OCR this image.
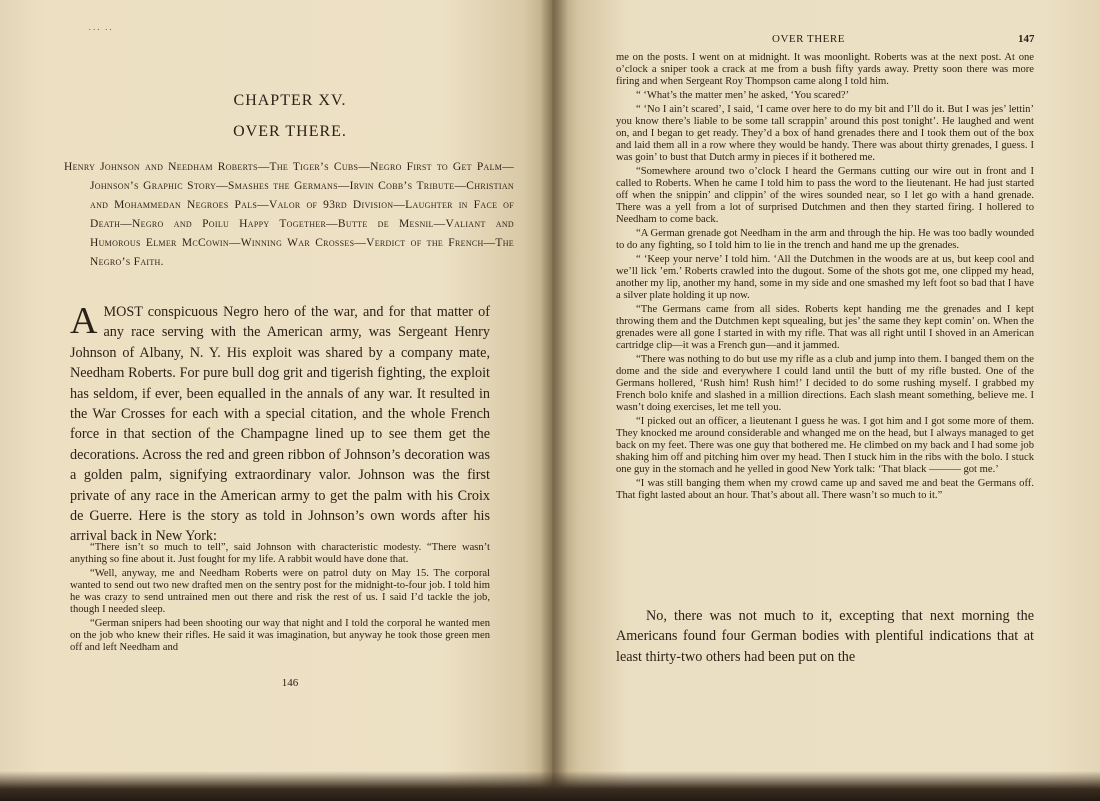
˙˙˙ ˙˙
CHAPTER XV.
OVER THERE.
Henry Johnson and Needham Roberts—The Tiger’s Cubs—Negro First to Get Palm—Johnson’s Graphic Story—Smashes the Germans—Irvin Cobb’s Tribute—Christian and Mohammedan Negroes Pals—Valor of 93rd Division—Laughter in Face of Death—Negro and Poilu Happy Together—Butte de Mesnil—Valiant and Humorous Elmer McCowin—Winning War Crosses—Verdict of the French—The Negro’s Faith.
A MOST conspicuous Negro hero of the war, and for that matter of any race serving with the American army, was Sergeant Henry Johnson of Albany, N. Y. His exploit was shared by a company mate, Needham Roberts. For pure bull dog grit and tigerish fighting, the exploit has seldom, if ever, been equalled in the annals of any war. It resulted in the War Crosses for each with a special citation, and the whole French force in that section of the Champagne lined up to see them get the decorations. Across the red and green ribbon of Johnson’s decoration was a golden palm, signifying extraordinary valor. Johnson was the first private of any race in the American army to get the palm with his Croix de Guerre. Here is the story as told in Johnson’s own words after his arrival back in New York:

“There isn’t so much to tell”, said Johnson with characteristic modesty. “There wasn’t anything so fine about it. Just fought for my life. A rabbit would have done that.

“Well, anyway, me and Needham Roberts were on patrol duty on May 15. The corporal wanted to send out two new drafted men on the sentry post for the midnight-to-four job. I told him he was crazy to send untrained men out there and risk the rest of us. I said I’d tackle the job, though I needed sleep.

“German snipers had been shooting our way that night and I told the corporal he wanted men on the job who knew their rifles. He said it was imagination, but anyway he took those green men off and left Needham and

146
OVER THERE	147

me on the posts. I went on at midnight. It was moonlight. Roberts was at the next post. At one o’clock a sniper took a crack at me from a bush fifty yards away. Pretty soon there was more firing and when Sergeant Roy Thompson came along I told him.

“ ‘What’s the matter men’ he asked, ‘You scared?’

“ ‘No I ain’t scared’, I said, ‘I came over here to do my bit and I’ll do it. But I was jes’ lettin’ you know there’s liable to be some tall scrappin’ around this post tonight’. He laughed and went on, and I began to get ready. They’d a box of hand grenades there and I took them out of the box and laid them all in a row where they would be handy. There was about thirty grenades, I guess. I was goin’ to bust that Dutch army in pieces if it bothered me.

“Somewhere around two o’clock I heard the Germans cutting our wire out in front and I called to Roberts. When he came I told him to pass the word to the lieutenant. He had just started off when the snippin’ and clippin’ of the wires sounded near, so I let go with a hand grenade. There was a yell from a lot of surprised Dutchmen and then they started firing. I hollered to Needham to come back.

“A German grenade got Needham in the arm and through the hip. He was too badly wounded to do any fighting, so I told him to lie in the trench and hand me up the grenades.

“ ‘Keep your nerve’ I told him. ‘All the Dutchmen in the woods are at us, but keep cool and we’ll lick ’em.’ Roberts crawled into the dugout. Some of the shots got me, one clipped my head, another my lip, another my hand, some in my side and one smashed my left foot so bad that I have a silver plate holding it up now.

“The Germans came from all sides. Roberts kept handing me the grenades and I kept throwing them and the Dutchmen kept squealing, but jes’ the same they kept comin’ on. When the grenades were all gone I started in with my rifle. That was all right until I shoved in an American cartridge clip—it was a French gun—and it jammed.

“There was nothing to do but use my rifle as a club and jump into them. I banged them on the dome and the side and everywhere I could land until the butt of my rifle busted. One of the Germans hollered, ‘Rush him! Rush him!’ I decided to do some rushing myself. I grabbed my French bolo knife and slashed in a million directions. Each slash meant something, believe me. I wasn’t doing exercises, let me tell you.

“I picked out an officer, a lieutenant I guess he was. I got him and I got some more of them. They knocked me around considerable and whanged me on the head, but I always managed to get back on my feet. There was one guy that bothered me. He climbed on my back and I had some job shaking him off and pitching him over my head. Then I stuck him in the ribs with the bolo. I stuck one guy in the stomach and he yelled in good New York talk: ‘That black ——— got me.’

“I was still banging them when my crowd came up and saved me and beat the Germans off. That fight lasted about an hour. That’s about all. There wasn’t so much to it.”

No, there was not much to it, excepting that next morning the Americans found four German bodies with plentiful indications that at least thirty-two others had been put on the
